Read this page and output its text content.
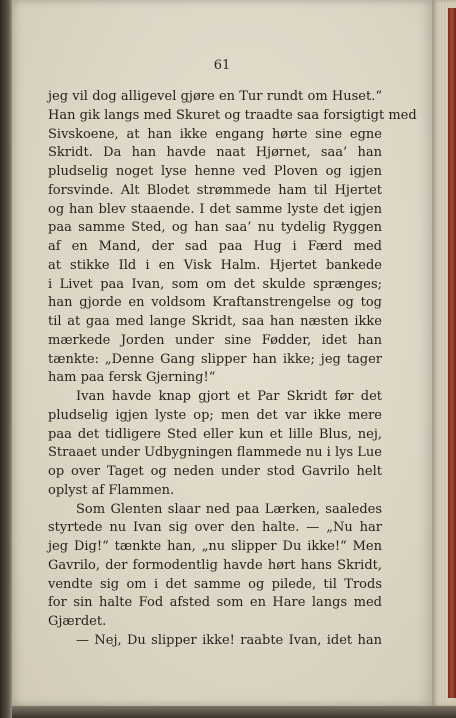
61
jeg vil dog alligevel gjøre en Tur rundt om Huset.“
Han gik langs med Skuret og traadte saa forsigtigt med
Sivskoene, at han ikke engang hørte sine egne
Skridt. Da han havde naat Hjørnet, saa’ han
pludselig noget lyse henne ved Ploven og igjen
forsvinde. Alt Blodet strømmede ham til Hjertet
og han blev staaende. I det samme lyste det igjen
paa samme Sted, og han saa’ nu tydelig Ryggen
af en Mand, der sad paa Hug i Færd med
at stikke Ild i en Visk Halm. Hjertet bankede
i Livet paa Ivan, som om det skulde sprænges;
han gjorde en voldsom Kraftanstrengelse og tog
til at gaa med lange Skridt, saa han næsten ikke
mærkede Jorden under sine Fødder, idet han
tænkte: „Denne Gang slipper han ikke; jeg tager
ham paa fersk Gjerning!“
Ivan havde knap gjort et Par Skridt før det
pludselig igjen lyste op; men det var ikke mere
paa det tidligere Sted eller kun et lille Blus, nej,
Straaet under Udbygningen flammede nu i lys Lue
op over Taget og neden under stod Gavrilo helt
oplyst af Flammen.
Som Glenten slaar ned paa Lærken, saaledes
styrtede nu Ivan sig over den halte. — „Nu har
jeg Dig!“ tænkte han, „nu slipper Du ikke!“ Men
Gavrilo, der formodentlig havde hørt hans Skridt,
vendte sig om i det samme og pilede, til Trods
for sin halte Fod afsted som en Hare langs med
Gjærdet.
— Nej, Du slipper ikke! raabte Ivan, idet han
